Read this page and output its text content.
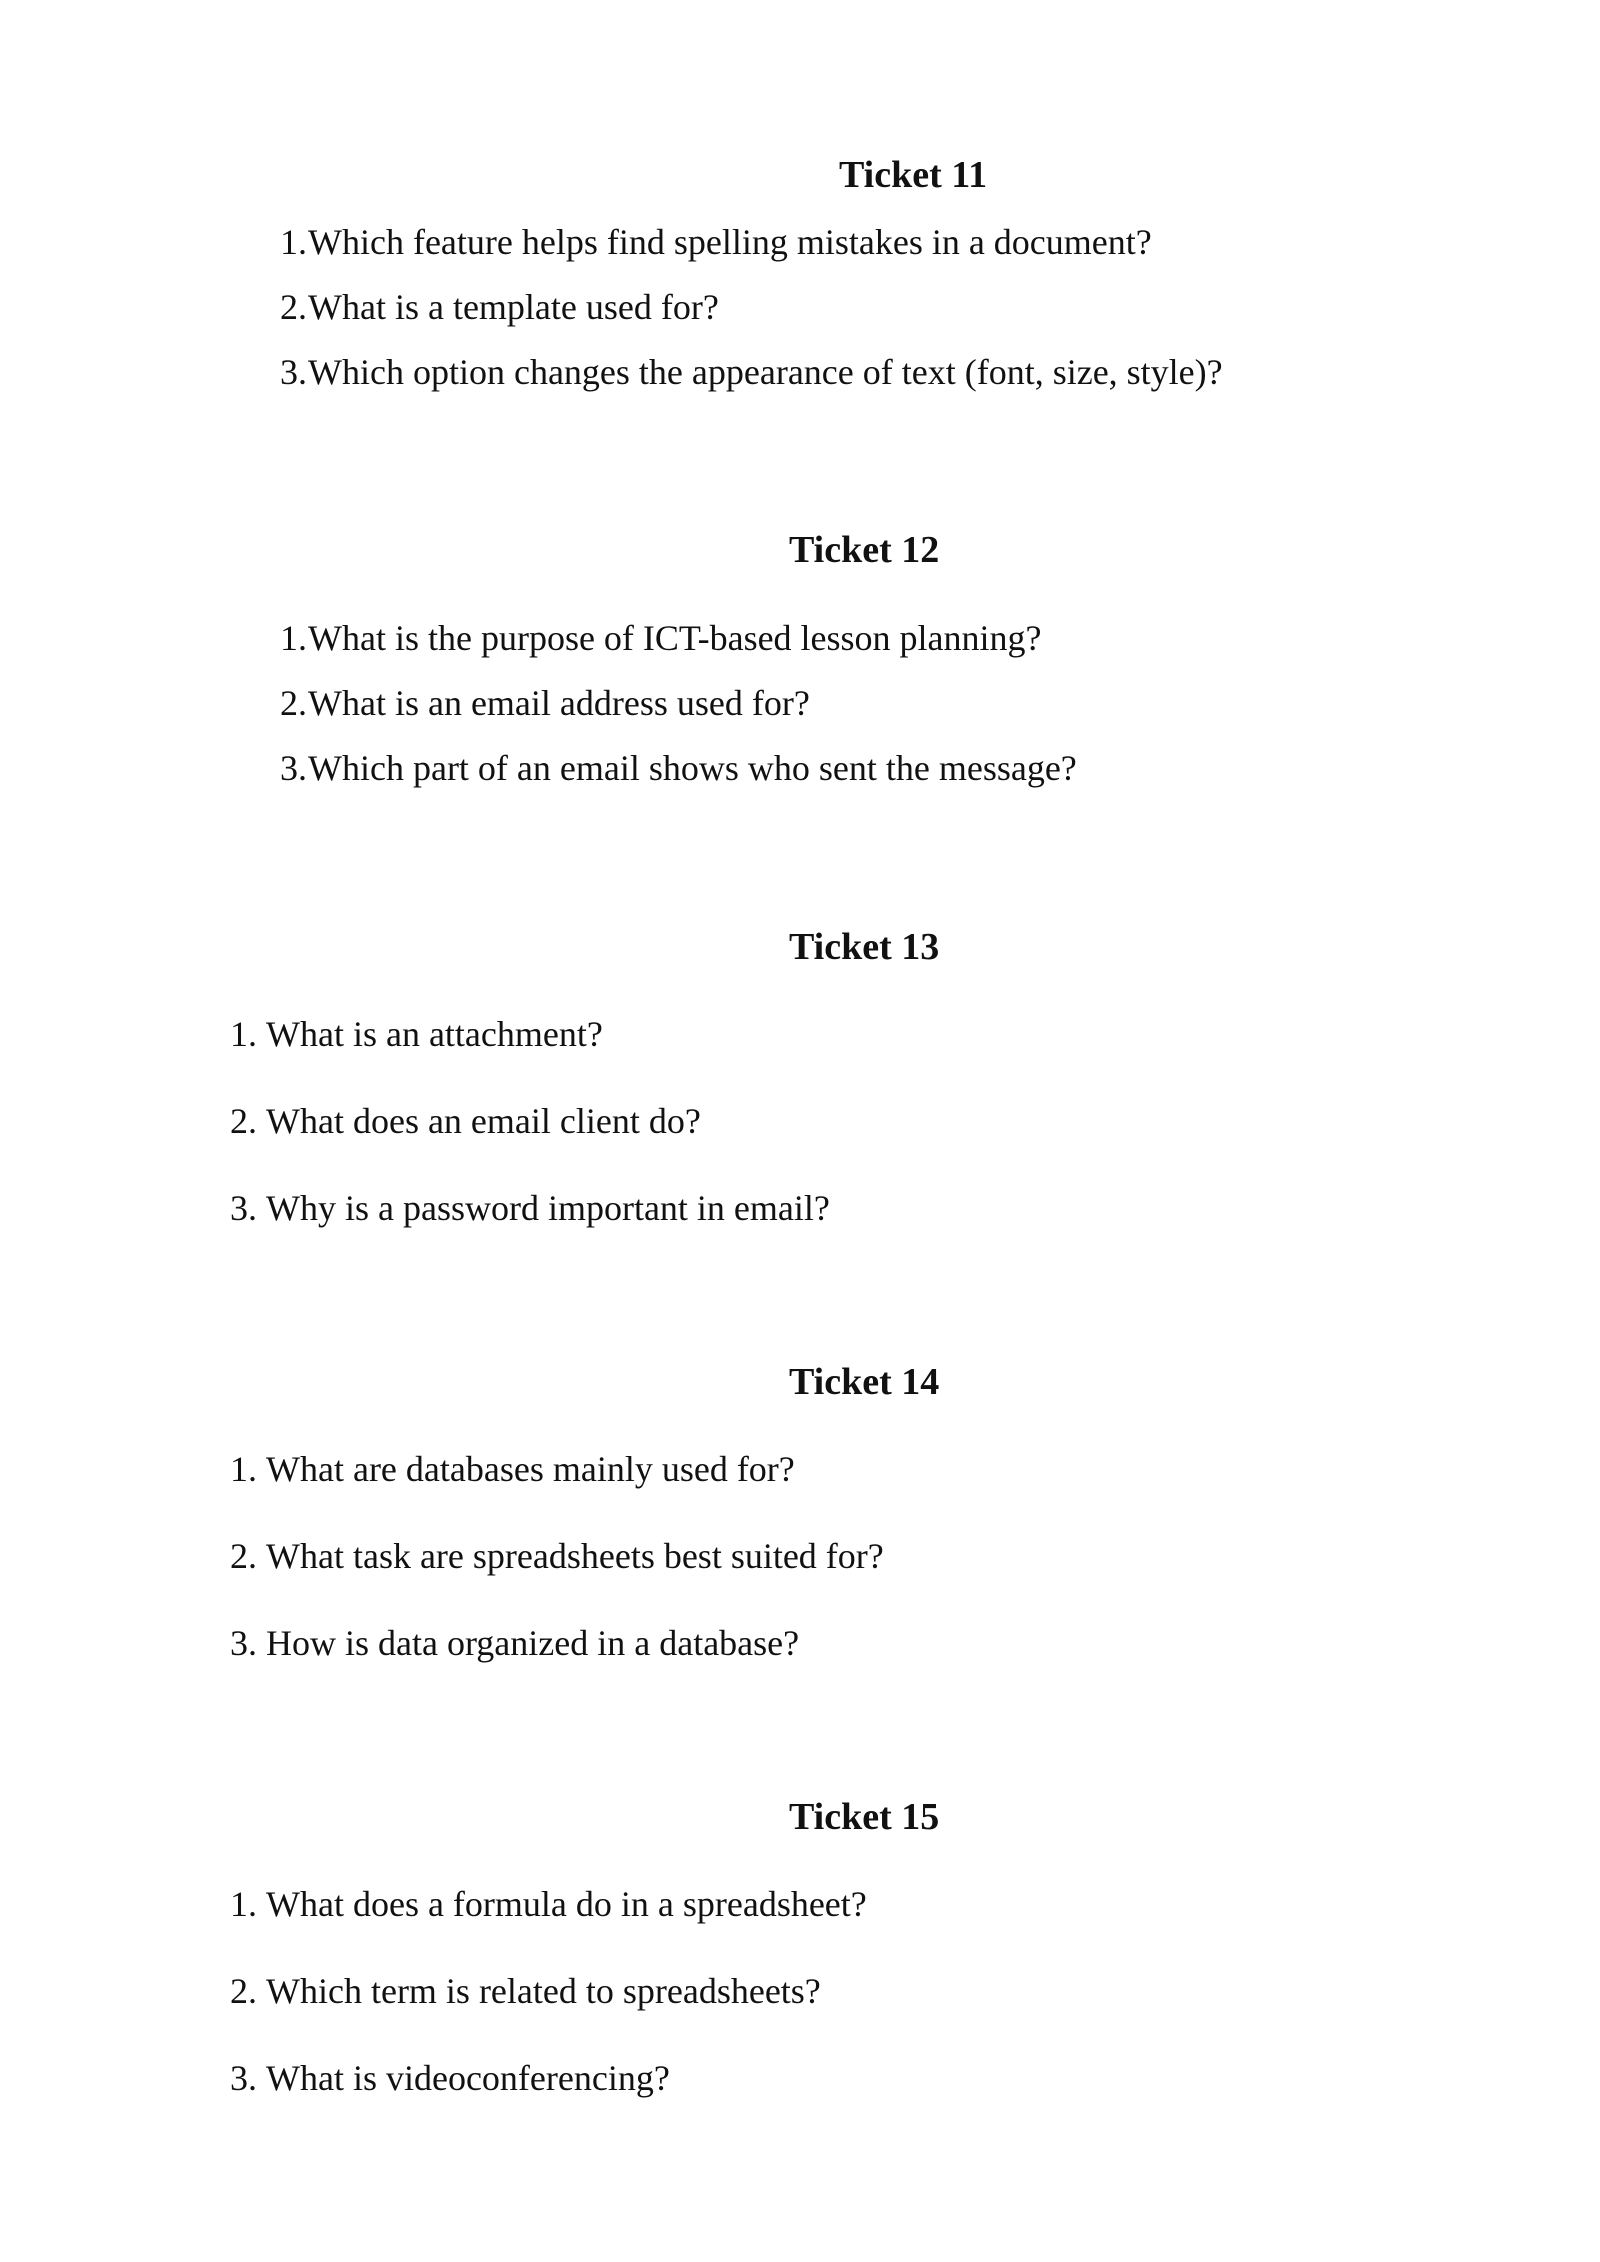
Ticket 11
1. Which feature helps find spelling mistakes in a document?
2. What is a template used for?
3. Which option changes the appearance of text (font, size, style)?
Ticket 12
1. What is the purpose of ICT-based lesson planning?
2. What is an email address used for?
3. Which part of an email shows who sent the message?
Ticket 13
1. What is an attachment?
2. What does an email client do?
3. Why is a password important in email?
Ticket 14
1. What are databases mainly used for?
2. What task are spreadsheets best suited for?
3. How is data organized in a database?
Ticket 15
1. What does a formula do in a spreadsheet?
2. Which term is related to spreadsheets?
3. What is videoconferencing?
